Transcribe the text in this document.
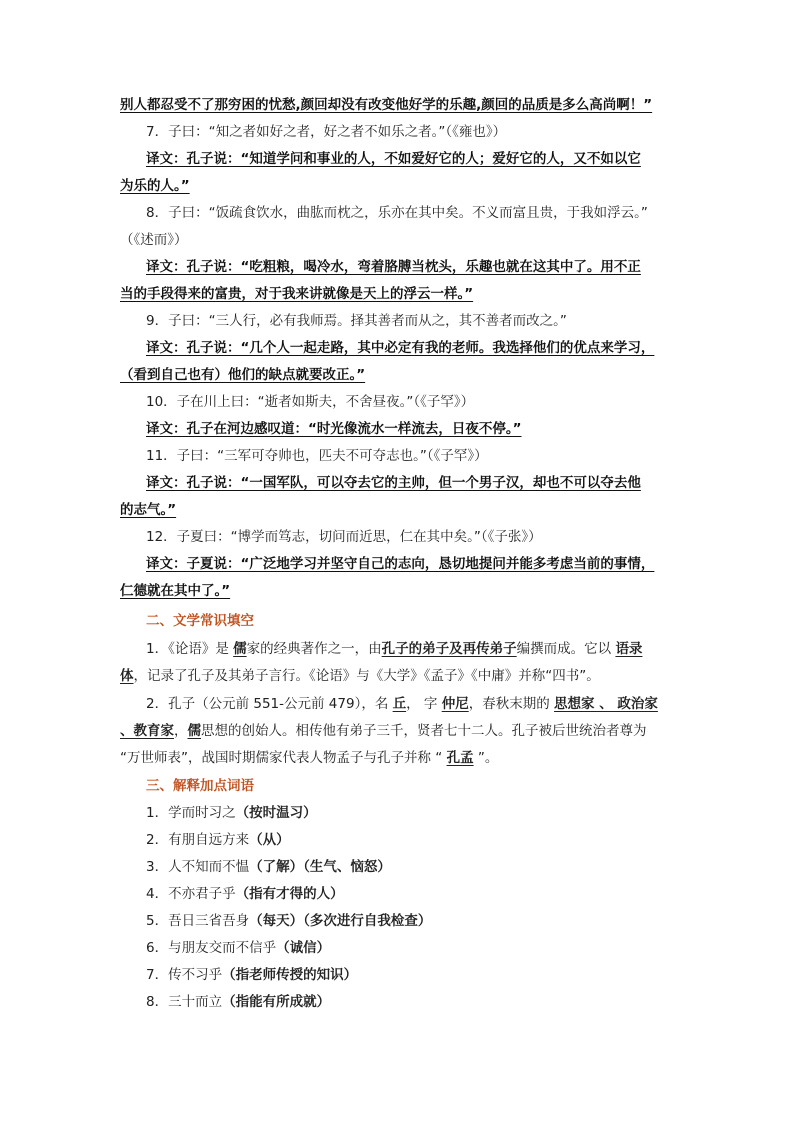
别人都忍受不了那穷困的忧愁,颜回却没有改变他好学的乐趣,颜回的品质是多么高尚啊！”
7．子曰：“知之者如好之者，好之者不如乐之者。”（《雍也》）
译文：孔子说：“知道学问和事业的人，不如爱好它的人；爱好它的人，又不如以它
为乐的人。”
8．子曰：“饭疏食饮水，曲肱而枕之，乐亦在其中矣。不义而富且贵，于我如浮云。”
（《述而》）
译文：孔子说：“吃粗粮，喝冷水，弯着胳膊当枕头，乐趣也就在这其中了。用不正
当的手段得来的富贵，对于我来讲就像是天上的浮云一样。”
9．子曰：“三人行，必有我师焉。择其善者而从之，其不善者而改之。”
译文：孔子说：“几个人一起走路，其中必定有我的老师。我选择他们的优点来学习，
（看到自己也有）他们的缺点就要改正。”
10．子在川上曰：“逝者如斯夫，不舍昼夜。”（《子罕》）
译文：孔子在河边感叹道：“时光像流水一样流去，日夜不停。”
11．子曰：“三军可夺帅也，匹夫不可夺志也。”（《子罕》）
译文：孔子说：“一国军队，可以夺去它的主帅，但一个男子汉，却也不可以夺去他
的志气。”
12．子夏曰：“博学而笃志，切问而近思，仁在其中矣。”（《子张》）
译文：子夏说：“广泛地学习并坚守自己的志向，恳切地提问并能多考虑当前的事情，
仁德就在其中了。”
二、文学常识填空
1．《论语》是 儒家的经典著作之一，由孔子的弟子及再传弟子编撰而成。它以 语录
体，记录了孔子及其弟子言行。《论语》与《大学》《孟子》《中庸》并称“四书”。
2．孔子（公元前 551-公元前 479），名 丘， 字 仲尼，春秋末期的 思想家 、 政治家
、教育家，儒思想的创始人。相传他有弟子三千，贤者七十二人。孔子被后世统治者尊为
“万世师表”，战国时期儒家代表人物孟子与孔子并称 “ 孔孟 ”。
三、解释加点词语
1．学而时习之（按时温习）
2．有朋自远方来（从）
3．人不知而不愠（了解）（生气、恼怒）
4．不亦君子乎（指有才得的人）
5．吾日三省吾身（每天）（多次进行自我检查）
6．与朋友交而不信乎（诚信）
7．传不习乎（指老师传授的知识）
8．三十而立（指能有所成就）
